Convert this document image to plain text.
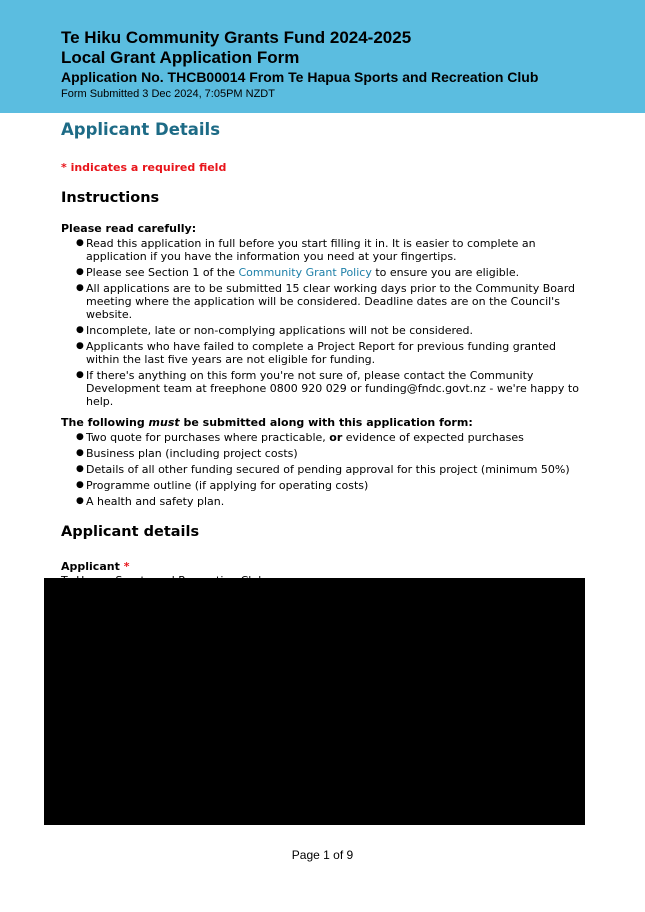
Te Hiku Community Grants Fund 2024-2025
Local Grant Application Form
Application No. THCB00014 From Te Hapua Sports and Recreation Club
Form Submitted 3 Dec 2024, 7:05PM NZDT
Applicant Details
* indicates a required field
Instructions
Please read carefully:
● Read this application in full before you start filling it in. It is easier to complete an application if you have the information you need at your fingertips.
● Please see Section 1 of the Community Grant Policy to ensure you are eligible.
● All applications are to be submitted 15 clear working days prior to the Community Board meeting where the application will be considered. Deadline dates are on the Council's website.
● Incomplete, late or non-complying applications will not be considered.
● Applicants who have failed to complete a Project Report for previous funding granted within the last five years are not eligible for funding.
● If there's anything on this form you're not sure of, please contact the Community Development team at freephone 0800 920 029 or funding@fndc.govt.nz - we're happy to help.
The following must be submitted along with this application form:
● Two quote for purchases where practicable, or evidence of expected purchases
● Business plan (including project costs)
● Details of all other funding secured of pending approval for this project (minimum 50%)
● Programme outline (if applying for operating costs)
● A health and safety plan.
Applicant details
Applicant *
Page 1 of 9
